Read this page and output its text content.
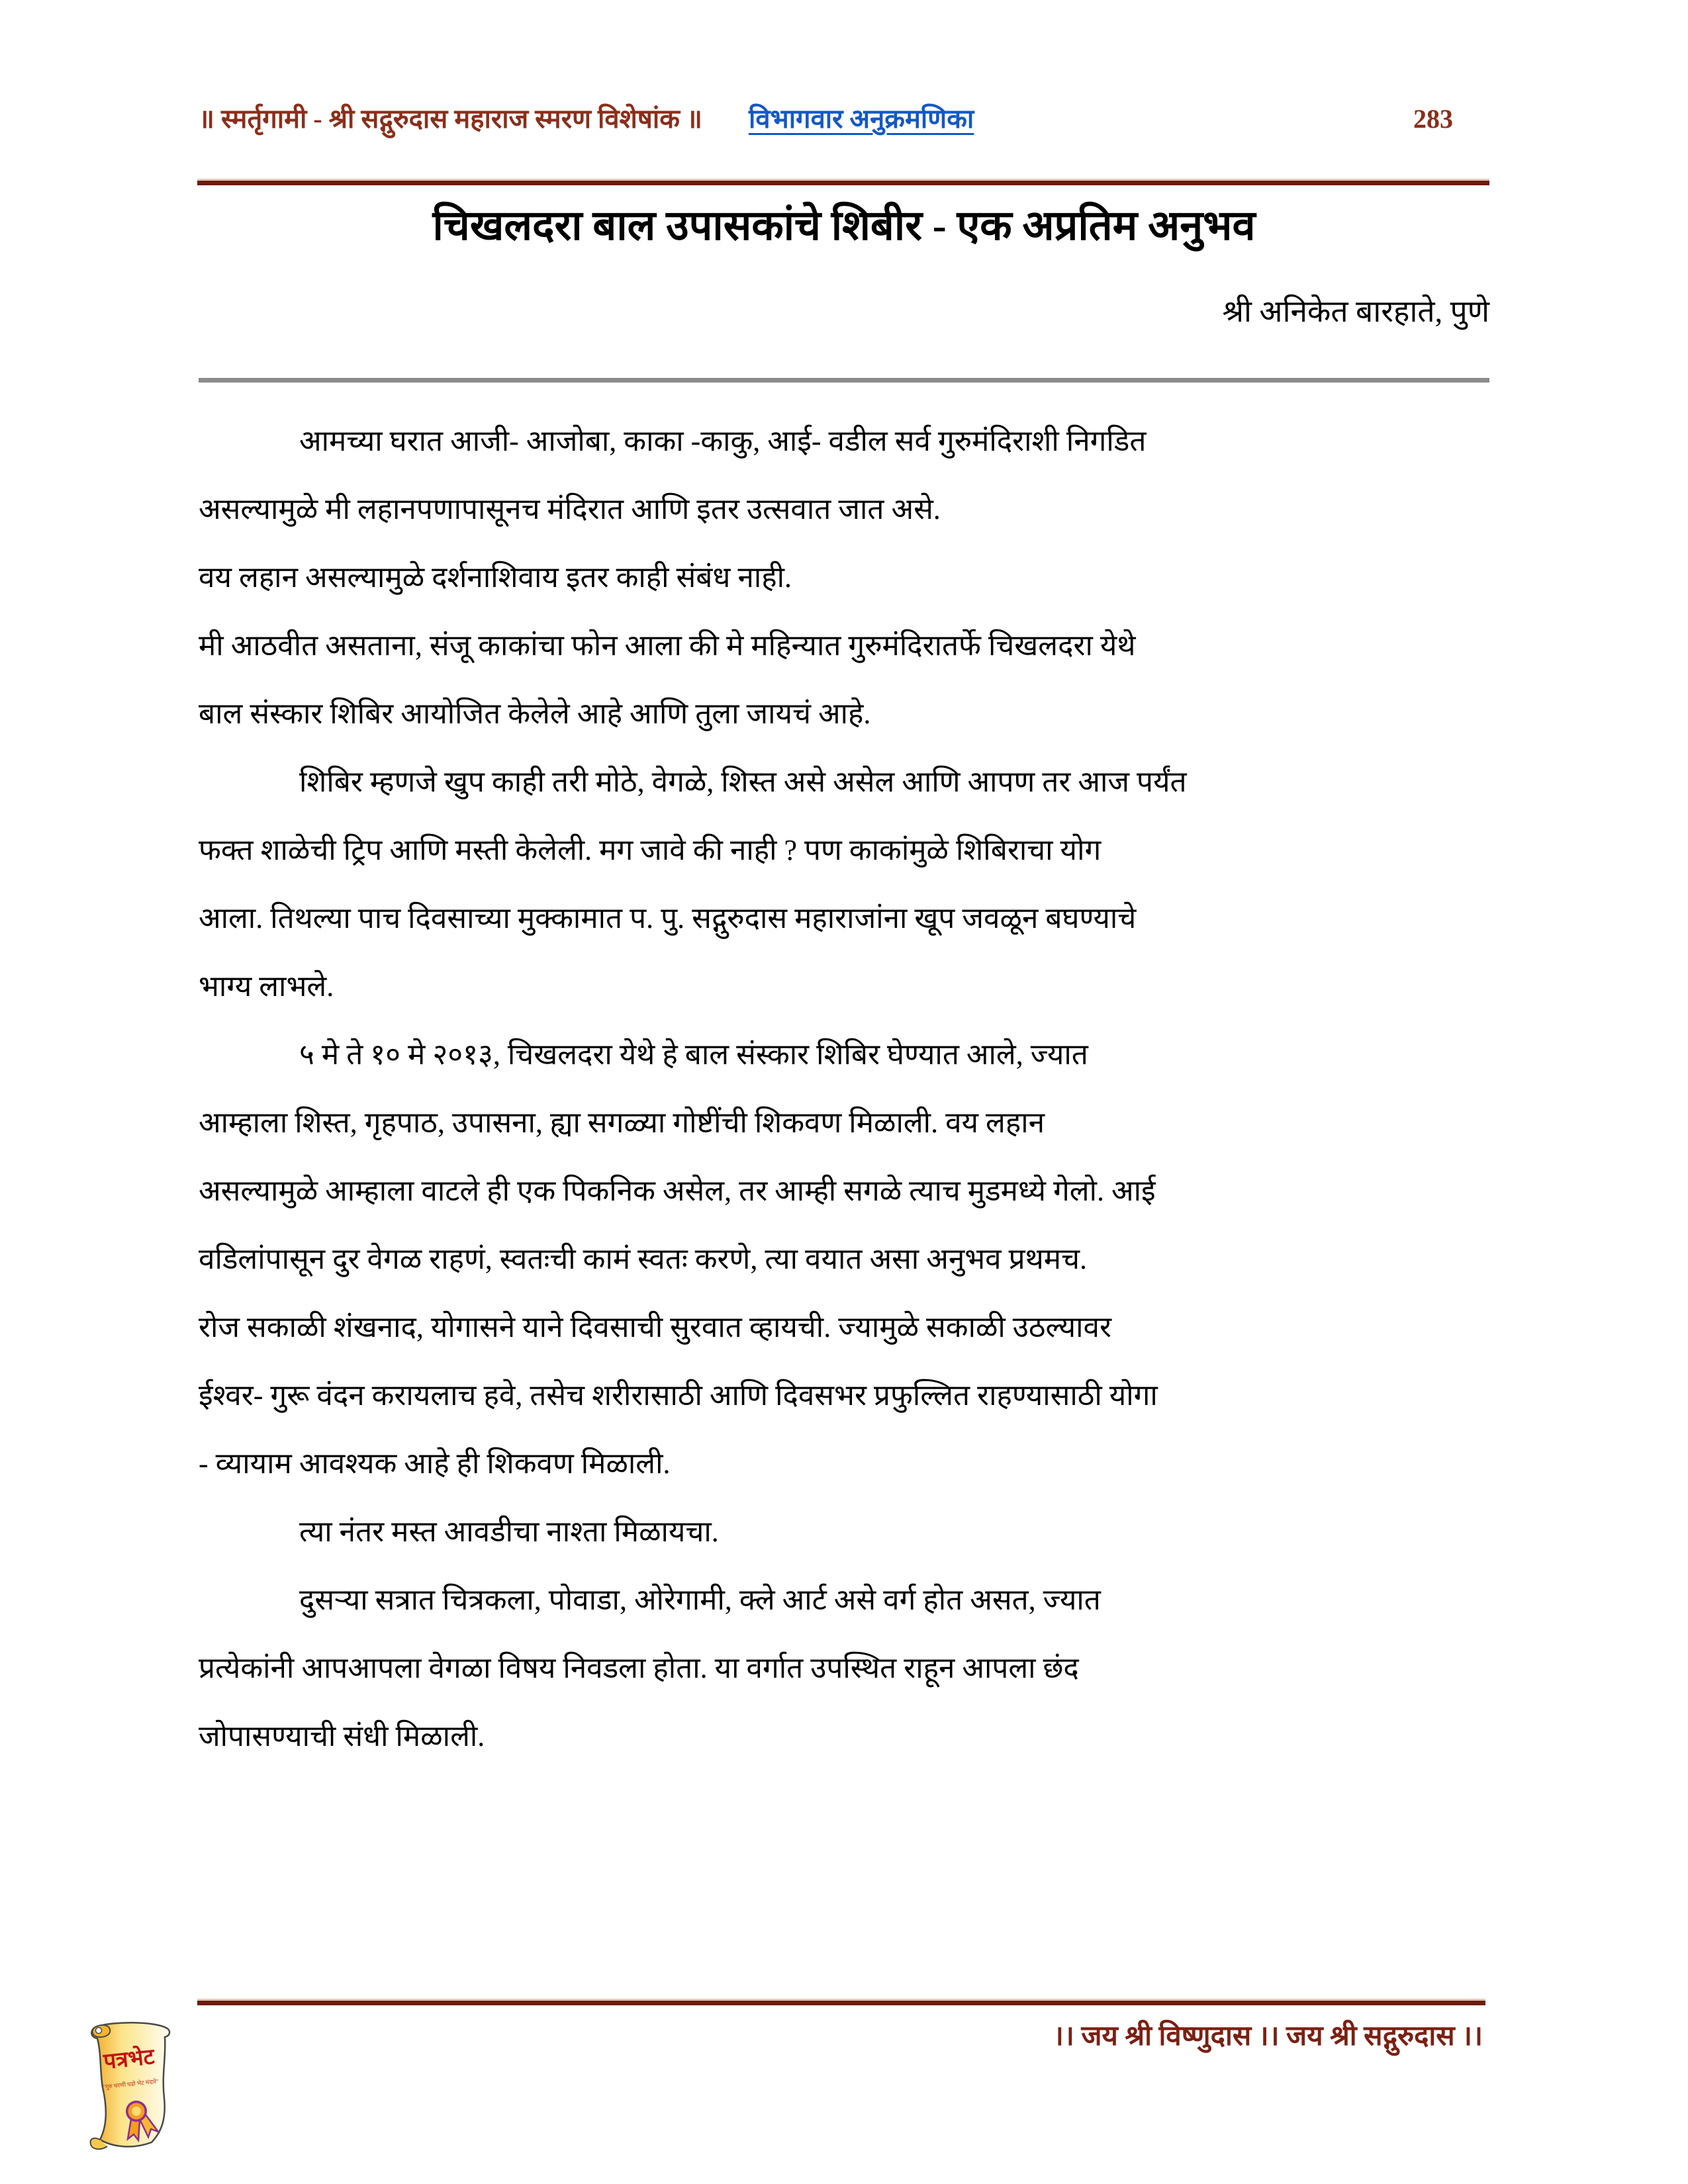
॥ स्मर्तृगामी - श्री सद्गुरुदास महाराज स्मरण विशेषांक ॥ विभागवार अनुक्रमणिका	283
चिखलदरा बाल उपासकांचे शिबीर - एक अप्रतिम अनुभव
श्री अनिकेत बारहाते, पुणे
आमच्या घरात आजी- आजोबा, काका -काकु, आई- वडील सर्व गुरुमंदिराशी निगडित
असल्यामुळे मी लहानपणापासूनच मंदिरात आणि इतर उत्सवात जात असे.
वय लहान असल्यामुळे दर्शनाशिवाय इतर काही संबंध नाही.
मी आठवीत असताना, संजू काकांचा फोन आला की मे महिन्यात गुरुमंदिरातर्फे चिखलदरा येथे
बाल संस्कार शिबिर आयोजित केलेले आहे आणि तुला जायचं आहे.
शिबिर म्हणजे खुप काही तरी मोठे, वेगळे, शिस्त असे असेल आणि आपण तर आज पर्यंत
फक्त शाळेची ट्रिप आणि मस्ती केलेली. मग जावे की नाही ? पण काकांमुळे शिबिराचा योग
आला. तिथल्या पाच दिवसाच्या मुक्कामात प. पु. सद्गुरुदास महाराजांना खूप जवळून बघण्याचे
भाग्य लाभले.
५ मे ते १० मे २०१३, चिखलदरा येथे हे बाल संस्कार शिबिर घेण्यात आले, ज्यात
आम्हाला शिस्त, गृहपाठ, उपासना, ह्या सगळ्या गोष्टींची शिकवण मिळाली. वय लहान
असल्यामुळे आम्हाला वाटले ही एक पिकनिक असेल, तर आम्ही सगळे त्याच मुडमध्ये गेलो. आई
वडिलांपासून दुर वेगळ राहणं, स्वतःची कामं स्वतः करणे, त्या वयात असा अनुभव प्रथमच.
रोज सकाळी शंखनाद, योगासने याने दिवसाची सुरवात व्हायची. ज्यामुळे सकाळी उठल्यावर
ईश्वर- गुरू वंदन करायलाच हवे, तसेच शरीरासाठी आणि दिवसभर प्रफुल्लित राहण्यासाठी योगा
- व्यायाम आवश्यक आहे ही शिकवण मिळाली.
त्या नंतर मस्त आवडीचा नाश्ता मिळायचा.
दुसऱ्या सत्रात चित्रकला, पोवाडा, ओरेगामी, क्ले आर्ट असे वर्ग होत असत, ज्यात
प्रत्येकांनी आपआपला वेगळा विषय निवडला होता. या वर्गात उपस्थित राहून आपला छंद
जोपासण्याची संधी मिळाली.
।। जय श्री विष्णुदास ।। जय श्री सद्गुरुदास ।।
पत्रभेट
"गुरु चरणी घडो भेट मंदारे"
